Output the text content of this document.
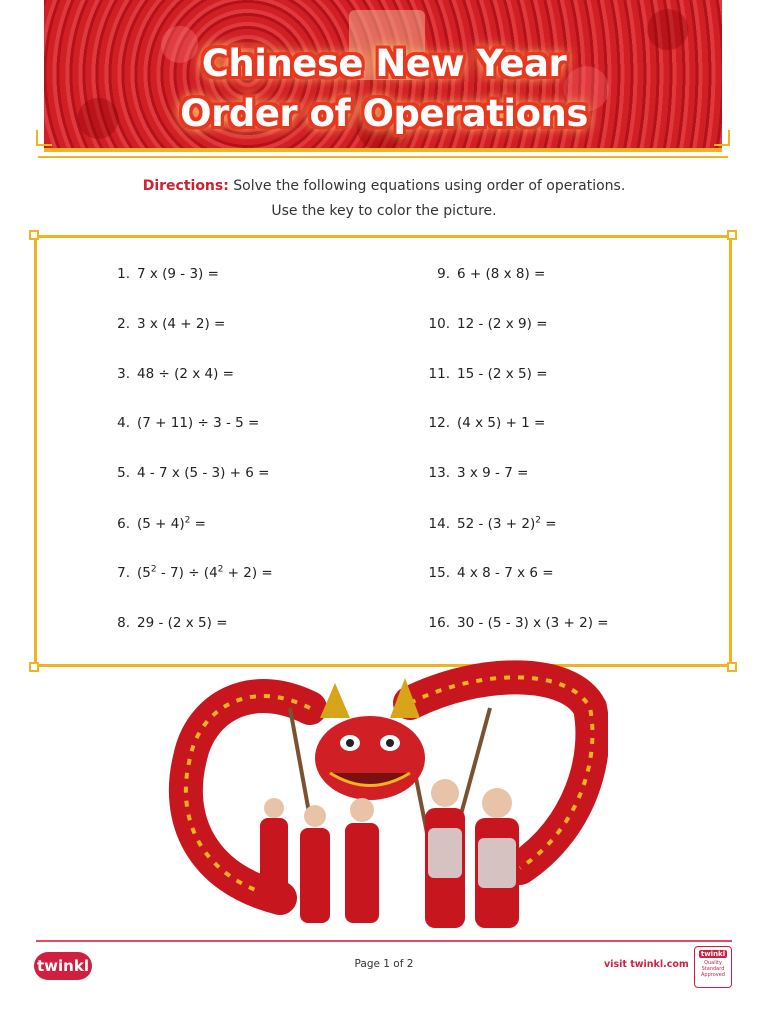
Chinese New Year
Order of Operations
Directions: Solve the following equations using order of operations.
Use the key to color the picture.
1. 7 x (9 - 3) =
2. 3 x (4 + 2) =
3. 48 ÷ (2 x 4) =
4. (7 + 11) ÷ 3 - 5 =
5. 4 - 7 x (5 - 3) + 6 =
6. $(5 + 4)^2$ =
7. $(5^2 - 7) \div (4^2 + 2)$ =
8. 29 - (2 x 5) =
9. 6 + (8 x 8) =
10. 12 - (2 x 9) =
11. 15 - (2 x 5) =
12. (4 x 5) + 1 =
13. 3 x 9 - 7 =
14. $52 - (3 + 2)^2$ =
15. 4 x 8 - 7 x 6 =
16. 30 - (5 - 3) x (3 + 2) =
twinkl	Page 1 of 2	visit twinkl.com
twinkl
Quality Standard Approved
